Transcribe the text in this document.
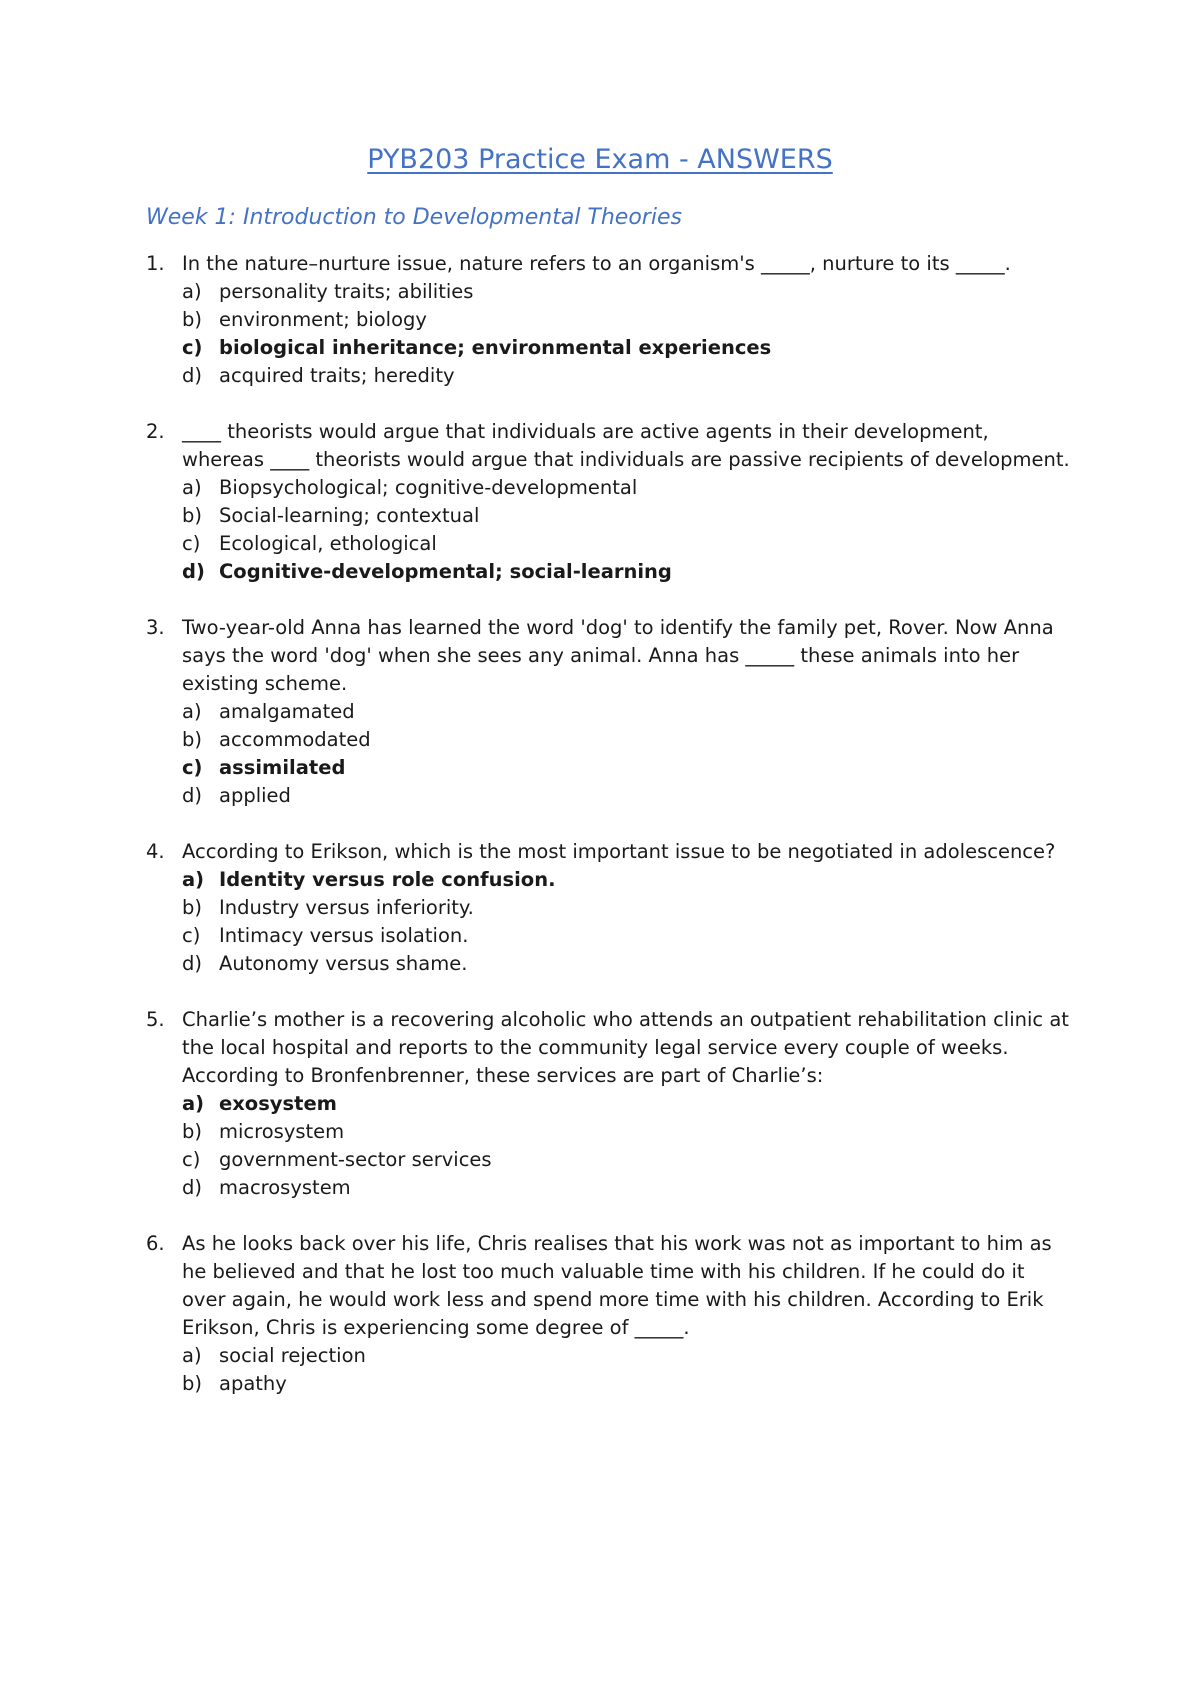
PYB203 Practice Exam - ANSWERS
Week 1: Introduction to Developmental Theories
1. In the nature–nurture issue, nature refers to an organism's _____, nurture to its _____.

a) personality traits; abilities
b) environment; biology
c) biological inheritance; environmental experiences
d) acquired traits; heredity
2. ____ theorists would argue that individuals are active agents in their development, whereas ____ theorists would argue that individuals are passive recipients of development.

a) Biopsychological; cognitive-developmental
b) Social-learning; contextual
c) Ecological, ethological
d) Cognitive-developmental; social-learning
3. Two-year-old Anna has learned the word 'dog' to identify the family pet, Rover. Now Anna says the word 'dog' when she sees any animal. Anna has _____ these animals into her existing scheme.

a) amalgamated
b) accommodated
c) assimilated
d) applied
4. According to Erikson, which is the most important issue to be negotiated in adolescence?

a) Identity versus role confusion.
b) Industry versus inferiority.
c) Intimacy versus isolation.
d) Autonomy versus shame.
5. Charlie’s mother is a recovering alcoholic who attends an outpatient rehabilitation clinic at the local hospital and reports to the community legal service every couple of weeks. According to Bronfenbrenner, these services are part of Charlie’s:

a) exosystem
b) microsystem
c) government-sector services
d) macrosystem
6. As he looks back over his life, Chris realises that his work was not as important to him as he believed and that he lost too much valuable time with his children. If he could do it over again, he would work less and spend more time with his children. According to Erik Erikson, Chris is experiencing some degree of _____.

a) social rejection
b) apathy
